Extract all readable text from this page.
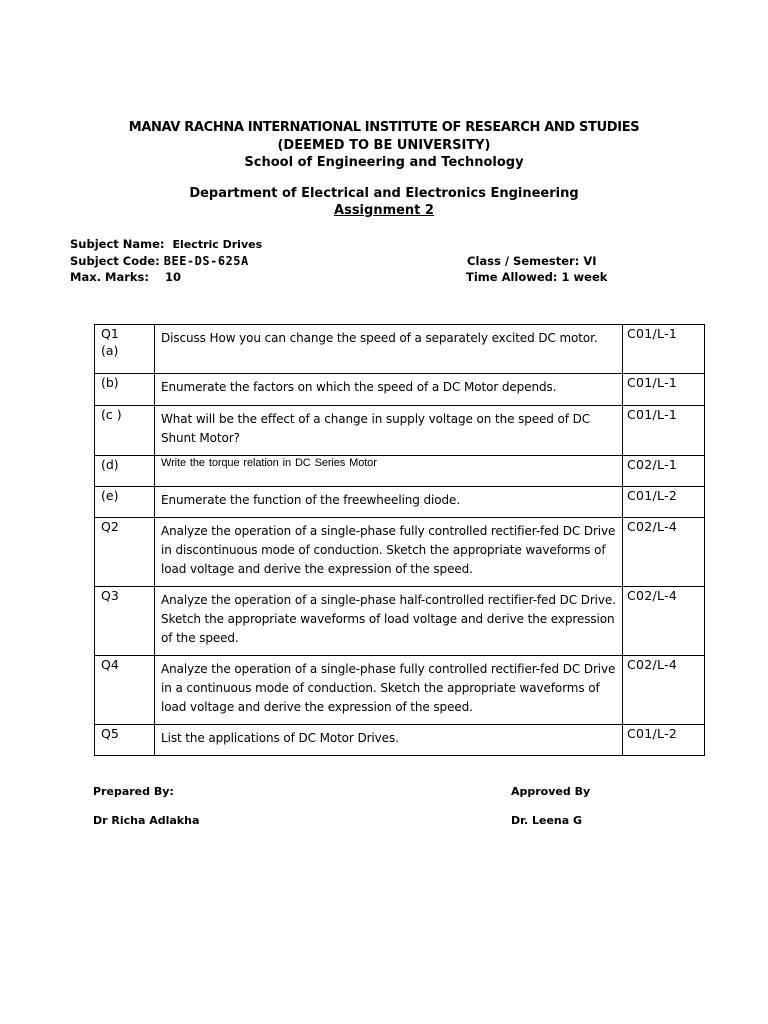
MANAV RACHNA INTERNATIONAL INSTITUTE OF RESEARCH AND STUDIES
(DEEMED TO BE UNIVERSITY)
School of Engineering and Technology
Department of Electrical and Electronics Engineering
Assignment 2
Subject Name: Electric Drives
Subject Code: BEE-DS-625A
Max. Marks: 10
Class / Semester: VI
Time Allowed: 1 week
Q1
(a)	Discuss How you can change the speed of a separately excited DC motor.	C01/L-1
(b)	Enumerate the factors on which the speed of a DC Motor depends.	C01/L-1
(c )	What will be the effect of a change in supply voltage on the speed of DC Shunt Motor?	C01/L-1
(d)	Write the torque relation in DC Series Motor	C02/L-1
(e)	Enumerate the function of the freewheeling diode.	C01/L-2
Q2	Analyze the operation of a single-phase fully controlled rectifier-fed DC Drive in discontinuous mode of conduction. Sketch the appropriate waveforms of load voltage and derive the expression of the speed.	C02/L-4
Q3	Analyze the operation of a single-phase half-controlled rectifier-fed DC Drive. Sketch the appropriate waveforms of load voltage and derive the expression of the speed.	C02/L-4
Q4	Analyze the operation of a single-phase fully controlled rectifier-fed DC Drive in a continuous mode of conduction. Sketch the appropriate waveforms of load voltage and derive the expression of the speed.	C02/L-4
Q5	List the applications of DC Motor Drives.	C01/L-2
Prepared By:
Dr Richa Adlakha
Approved By
Dr. Leena G
